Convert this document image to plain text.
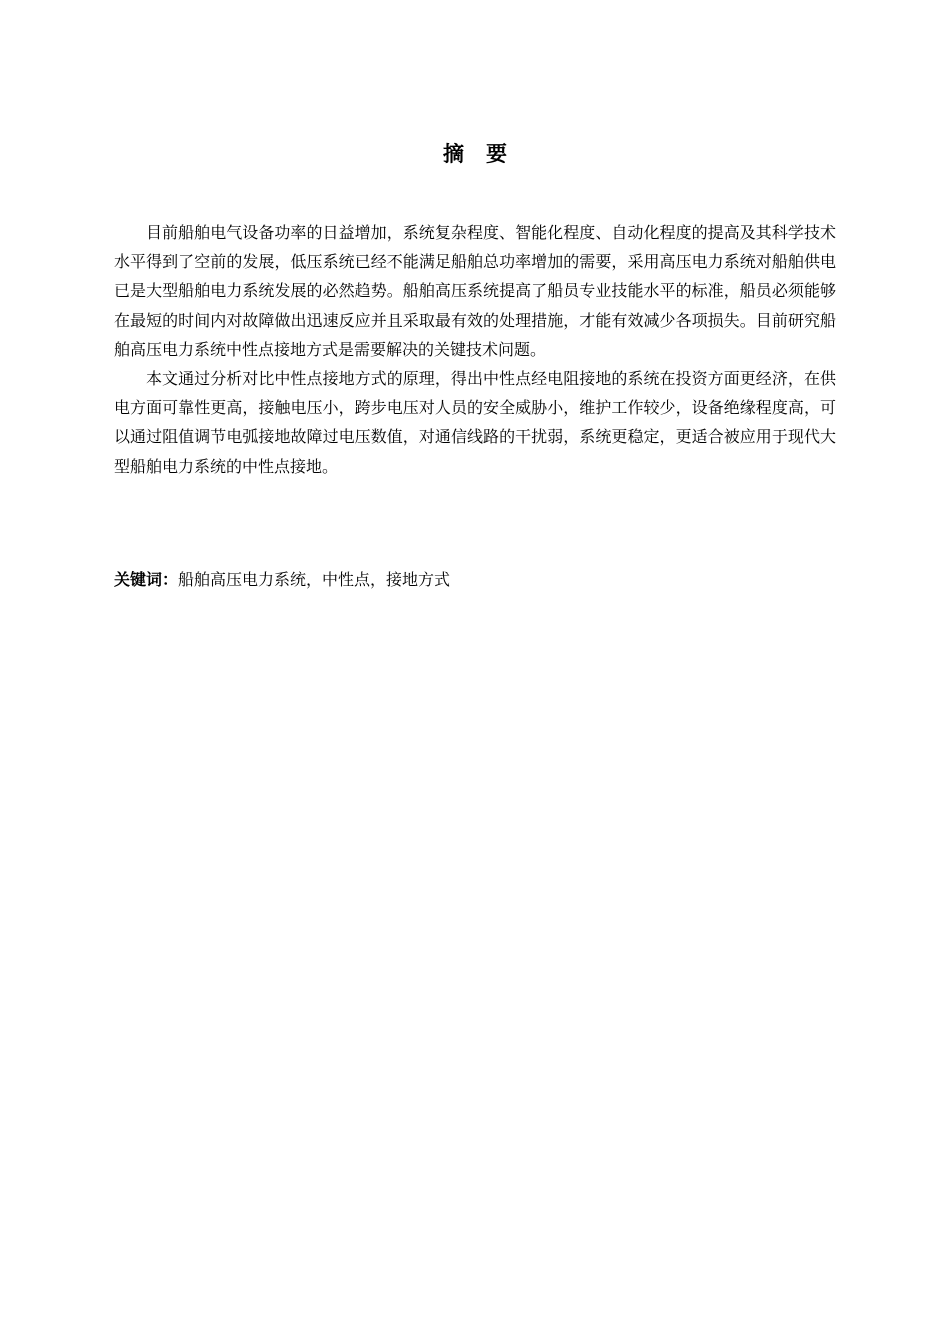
摘 要

目前船舶电气设备功率的日益增加，系统复杂程度、智能化程度、自动化程度的提高及其科学技术水平得到了空前的发展，低压系统已经不能满足船舶总功率增加的需要，采用高压电力系统对船舶供电已是大型船舶电力系统发展的必然趋势。船舶高压系统提高了船员专业技能水平的标准，船员必须能够在最短的时间内对故障做出迅速反应并且采取最有效的处理措施，才能有效减少各项损失。目前研究船舶高压电力系统中性点接地方式是需要解决的关键技术问题。

本文通过分析对比中性点接地方式的原理，得出中性点经电阻接地的系统在投资方面更经济，在供电方面可靠性更高，接触电压小，跨步电压对人员的安全威胁小，维护工作较少，设备绝缘程度高，可以通过阻值调节电弧接地故障过电压数值，对通信线路的干扰弱，系统更稳定，更适合被应用于现代大型船舶电力系统的中性点接地。

关键词：船舶高压电力系统，中性点，接地方式
